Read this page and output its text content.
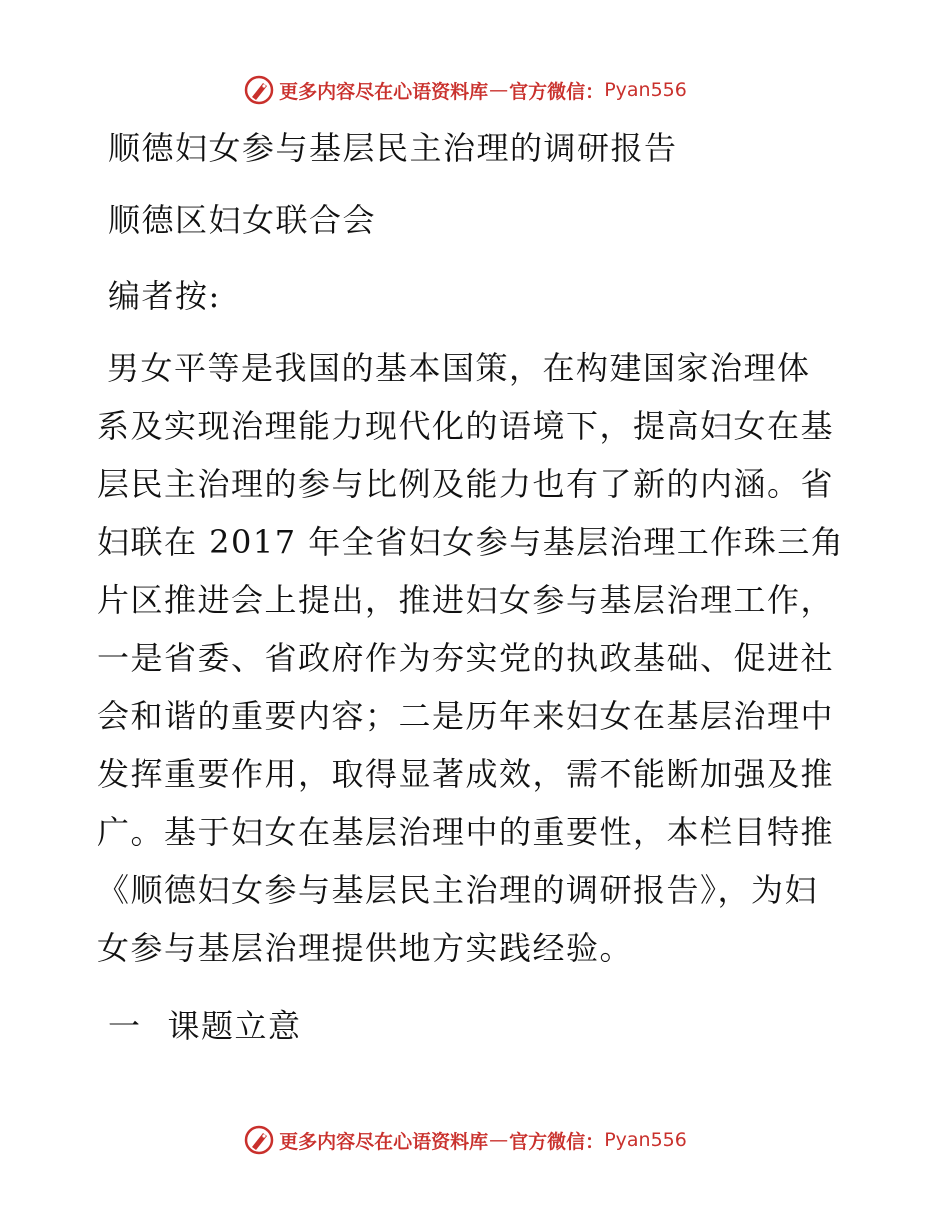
更多内容尽在心语资料库 — 官方微信： Pyan556
顺德妇女参与基层民主治理的调研报告
顺德区妇女联合会
编者按:
男女平等是我国的基本国策，在构建国家治理体
系及实现治理能力现代化的语境下，提高妇女在基
层民主治理的参与比例及能力也有了新的内涵。省
妇联在 2017 年全省妇女参与基层治理工作珠三角
片区推进会上提出，推进妇女参与基层治理工作，
一是省委、省政府作为夯实党的执政基础、促进社
会和谐的重要内容；二是历年来妇女在基层治理中
发挥重要作用，取得显著成效，需不能断加强及推
广。基于妇女在基层治理中的重要性，本栏目特推
《顺德妇女参与基层民主治理的调研报告》，为妇
女参与基层治理提供地方实践经验。
一 课题立意
更多内容尽在心语资料库 — 官方微信： Pyan556
